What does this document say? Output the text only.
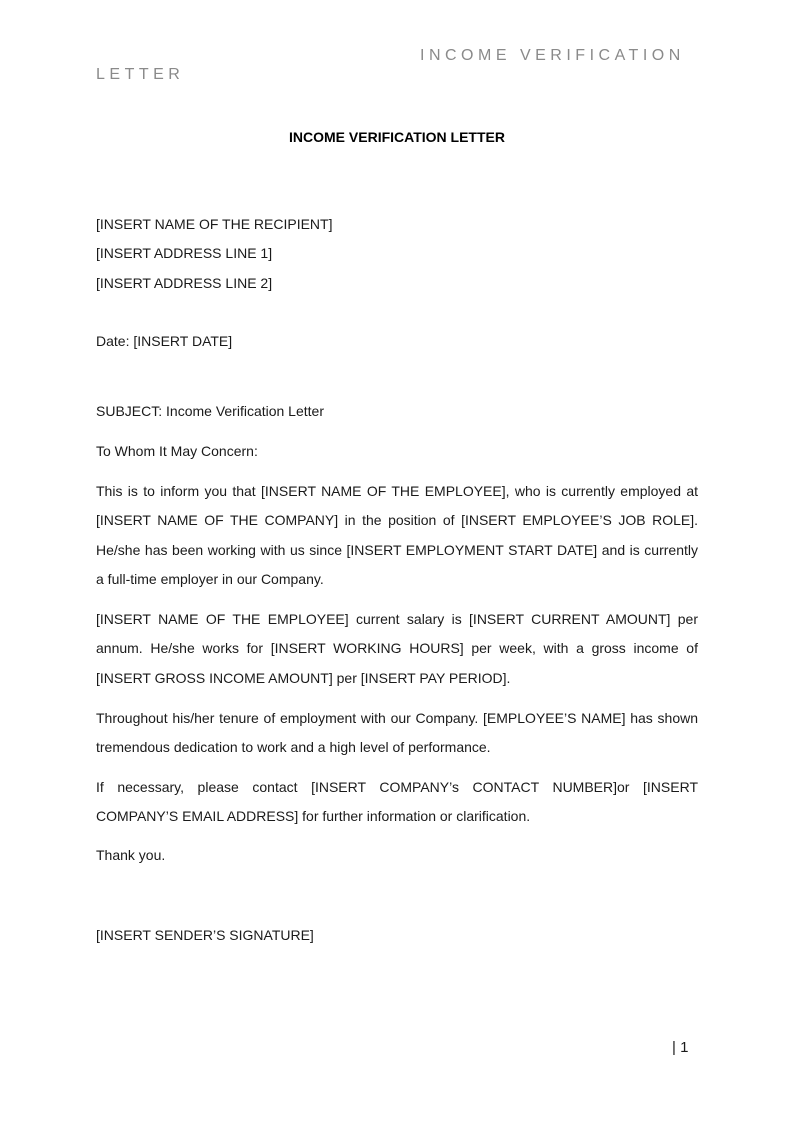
INCOME VERIFICATION
LETTER
INCOME VERIFICATION LETTER
[INSERT NAME OF THE RECIPIENT]
[INSERT ADDRESS LINE 1]
[INSERT ADDRESS LINE 2]
Date: [INSERT DATE]
SUBJECT: Income Verification Letter
To Whom It May Concern:
This is to inform you that [INSERT NAME OF THE EMPLOYEE], who is currently employed at [INSERT NAME OF THE COMPANY] in the position of [INSERT EMPLOYEE’S JOB ROLE]. He/she has been working with us since [INSERT EMPLOYMENT START DATE] and is currently a full-time employer in our Company.
[INSERT NAME OF THE EMPLOYEE] current salary is [INSERT CURRENT AMOUNT] per annum. He/she works for [INSERT WORKING HOURS] per week, with a gross income of [INSERT GROSS INCOME AMOUNT] per [INSERT PAY PERIOD].
Throughout his/her tenure of employment with our Company. [EMPLOYEE’S NAME] has shown tremendous dedication to work and a high level of performance.
If necessary, please contact [INSERT COMPANY’s CONTACT NUMBER]or [INSERT COMPANY’S EMAIL ADDRESS] for further information or clarification.
Thank you.
[INSERT SENDER’S SIGNATURE]
| 1
